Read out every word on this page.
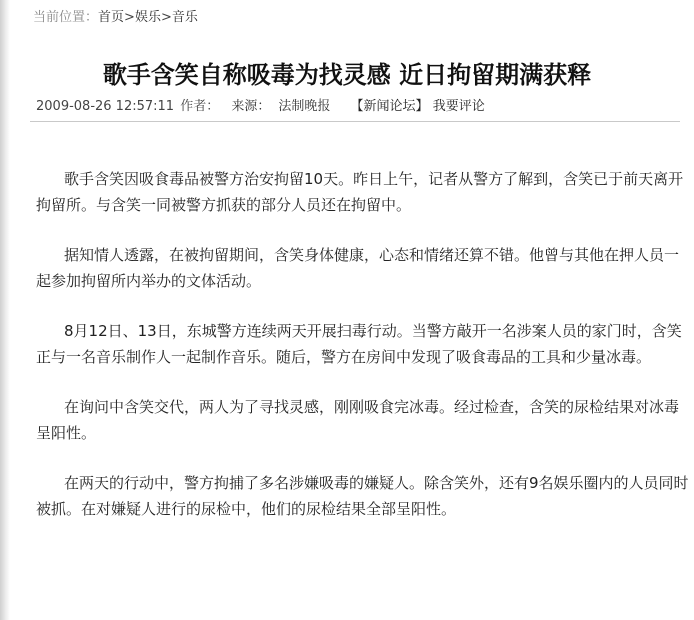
当前位置：首页>娱乐>音乐
歌手含笑自称吸毒为找灵感 近日拘留期满获释
2009-08-26 12:57:11 作者： 来源： 法制晚报 【新闻论坛】 我要评论

歌手含笑因吸食毒品被警方治安拘留10天。昨日上午，记者从警方了解到，含笑已于前天离开拘留所。与含笑一同被警方抓获的部分人员还在拘留中。

据知情人透露，在被拘留期间，含笑身体健康，心态和情绪还算不错。他曾与其他在押人员一起参加拘留所内举办的文体活动。

8月12日、13日，东城警方连续两天开展扫毒行动。当警方敲开一名涉案人员的家门时，含笑正与一名音乐制作人一起制作音乐。随后，警方在房间中发现了吸食毒品的工具和少量冰毒。

在询问中含笑交代，两人为了寻找灵感，刚刚吸食完冰毒。经过检查，含笑的尿检结果对冰毒呈阳性。

在两天的行动中，警方拘捕了多名涉嫌吸毒的嫌疑人。除含笑外，还有9名娱乐圈内的人员同时被抓。在对嫌疑人进行的尿检中，他们的尿检结果全部呈阳性。
